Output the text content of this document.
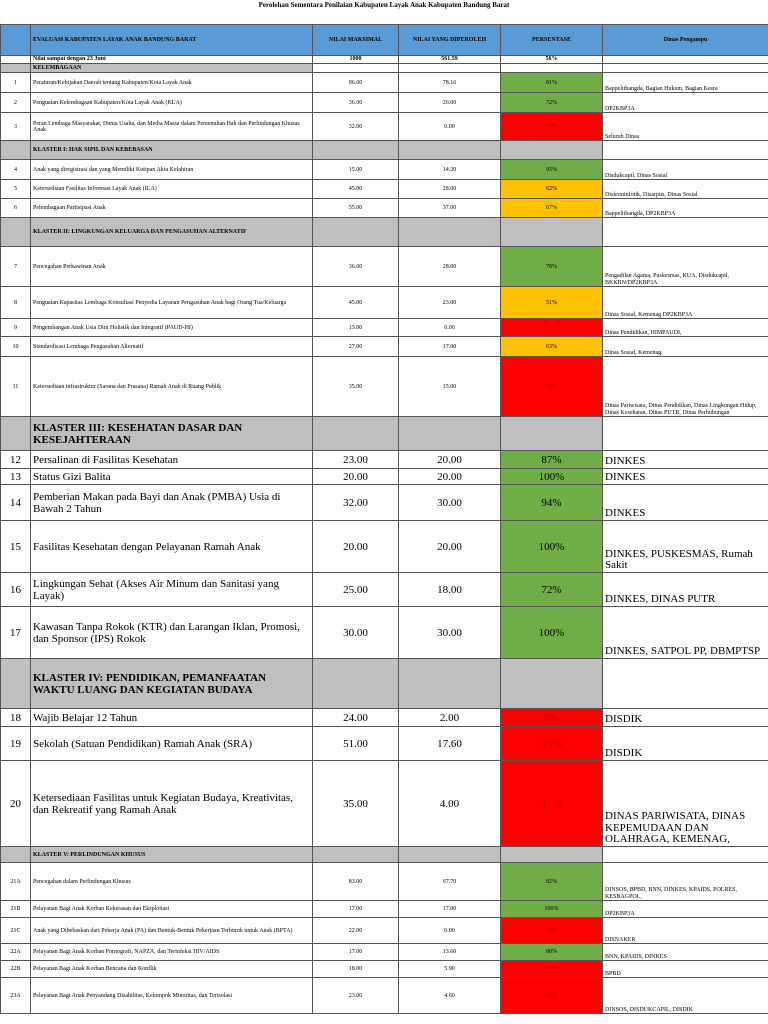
Perolehan Sementara Penilaian Kabupaten Layak Anak Kabupaten Bandung Barat
	EVALUASI KABUPATEN LAYAK ANAK BANDUNG BARAT	NILAI MAKSIMAL	NILAI YANG DIPEROLEH	PERSENTASE	Dinas Pengampu
	Nilai sampai dengan 23 Juni	1000	561.59	56%	
	KELEMBAGAAN				
1	Peraturan/Kebijakan Daerah tentang Kabupaten/Kota Layak Anak	96.00	78.16	81%	Bappelitbangda, Bagian Hukum, Bagian Kesra
2	Penguatan Kelembagaan Kabupaten/Kota Layak Anak (KLA)	36.00	26.00	72%	DP2KBP3A
3	Peran Lembaga Masyarakat, Dunia Usaha, dan Media Massa dalam Pemenuhan Hak dan Perlindungan Khusus Anak	32.00	0.00	0%	Seluruh Dinas
	KLASTER I: HAK SIPIL DAN KEBEBASAN				
4	Anak yang diregistrasi dan yang Memiliki Kutipan Akta Kelahiran	15.00	14.20	95%	Disdukcapil, Dinas Sosial
5	Ketersediaan Fasilitas Informasi Layak Anak (ILA)	45.00	28.00	62%	Diskominfotik, Disarpus, Dinas Sosial
6	Pelembagaan Partisipasi Anak	55.00	37.00	67%	Bappelitbangda, DP2KBP3A
	KLASTER II: LINGKUNGAN KELUARGA DAN PENGASUHAN ALTERNATIF				
7	Pencegahan Perkawinan Anak	36.00	28.00	78%	Pengadilan Agama, Puskesmas, KUA, Disdukcapil, BKKBN/DP2KBP3A
8	Penguatan Kapasitas Lembaga Konsultasi Penyedia Layanan Pengasuhan Anak bagi Orang Tua/Keluarga	45.00	23.00	51%	Dinas Sosial, Kemenag DP2KBP3A
9	Pengembangan Anak Usia Dini Holistik dan Integratif (PAUD-HI)	13.00	0.00	0%	Dinas Pendidikan, HIMPAUDI,
10	Standardisasi Lembaga Pengasuhan Alternatif	27.00	17.00	63%	Dinas Sosial, Kemenag
11	Ketersediaan infrastruktur (Sarana dan Prasana) Ramah Anak di Ruang Publik	35.00	15.00	43%	Dinas Pariwisata, Dinas Pendidikan, Dinas Lingkungan Hidup, Dinas Kesehatan, Dinas PUTR, Dinas Perhubungan
	KLASTER III: KESEHATAN DASAR DAN KESEJAHTERAAN				
12	Persalinan di Fasilitas Kesehatan	23.00	20.00	87%	DINKES
13	Status Gizi Balita	20.00	20.00	100%	DINKES
14	Pemberian Makan pada Bayi dan Anak (PMBA) Usia di Bawah 2 Tahun	32.00	30.00	94%	DINKES
15	Fasilitas Kesehatan dengan Pelayanan Ramah Anak	20.00	20.00	100%	DINKES, PUSKESMAS, Rumah Sakit
16	Lingkungan Sehat (Akses Air Minum dan Sanitasi yang Layak)	25.00	18.00	72%	DINKES, DINAS PUTR
17	Kawasan Tanpa Rokok (KTR) dan Larangan Iklan, Promosi, dan Sponsor (IPS) Rokok	30.00	30.00	100%	DINKES, SATPOL PP, DBMPTSP
	KLASTER IV: PENDIDIKAN, PEMANFAATAN WAKTU LUANG DAN KEGIATAN BUDAYA				
18	Wajib Belajar 12 Tahun	24.00	2.00	8%	DISDIK
19	Sekolah (Satuan Pendidikan) Ramah Anak (SRA)	51.00	17.60	35%	DISDIK
20	Ketersediaan Fasilitas untuk Kegiatan Budaya, Kreativitas, dan Rekreatif yang Ramah Anak	35.00	4.00	11%	DINAS PARIWISATA, DINAS KEPEMUDAAN DAN OLAHRAGA, KEMENAG,
	KLASTER V: PERLINDUNGAN KHUSUS				
21A	Pencegahan dalam Perlindungan Khusus	83.00	67.70	82%	DINSOS, BPBD, BNN, DINKES, KPAIDS, POLRES, KESBAGPOL,
21B	Pelayanan Bagi Anak Korban Kekerasan dan Eksploitasi	17.00	17.00	100%	DP2KBP3A
21C	Anak yang Dibebaskan dari Pekerja Anak (PA) dan Bentuk-Bentuk Pekerjaan Terburuk untuk Anak (BPTA)	22.00	0.00	0%	DISNAKER
22A	Pelayanan Bagi Anak Korban Pornografi, NAPZA, dan Terinfeksi HIV/AIDS	17.00	13.60	80%	BNN, KPAIDS, DINKES
22B	Pelayanan Bagi Anak Korban Bencana dan Konflik	18.00	5.90	33%	BPBD
23A	Pelayanan Bagi Anak Penyandang Disabilitas, Kelompok Minoritas, dan Terisolasi	23.00	4.60	20%	DINSOS, DISDUKCAPIL, DISDIK
